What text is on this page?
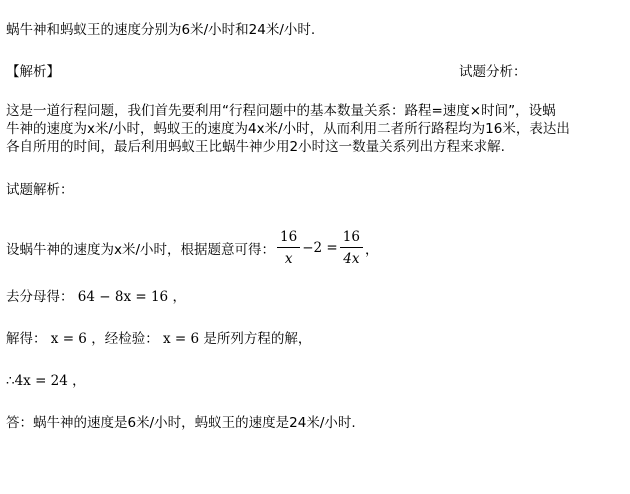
蜗牛神和蚂蚁王的速度分别为6米/小时和24米/小时.
【解析】	试题分析：
这是一道行程问题，我们首先要利用“行程问题中的基本数量关系：路程=速度×时间”，设蜗
牛神的速度为x米/小时，蚂蚁王的速度为4x米/小时，从而利用二者所行路程均为16米，表达出
各自所用的时间，最后利用蚂蚁王比蜗牛神少用2小时这一数量关系列出方程来求解.
试题解析：
设蜗牛神的速度为x米/小时，根据题意可得： $\frac{16}{x} -2 = \frac{16}{4x}$ ，
去分母得： 64 − 8x = 16 ，
解得： x = 6 ，经检验： x = 6 是所列方程的解，
∴4x = 24 ，
答：蜗牛神的速度是6米/小时，蚂蚁王的速度是24米/小时.
